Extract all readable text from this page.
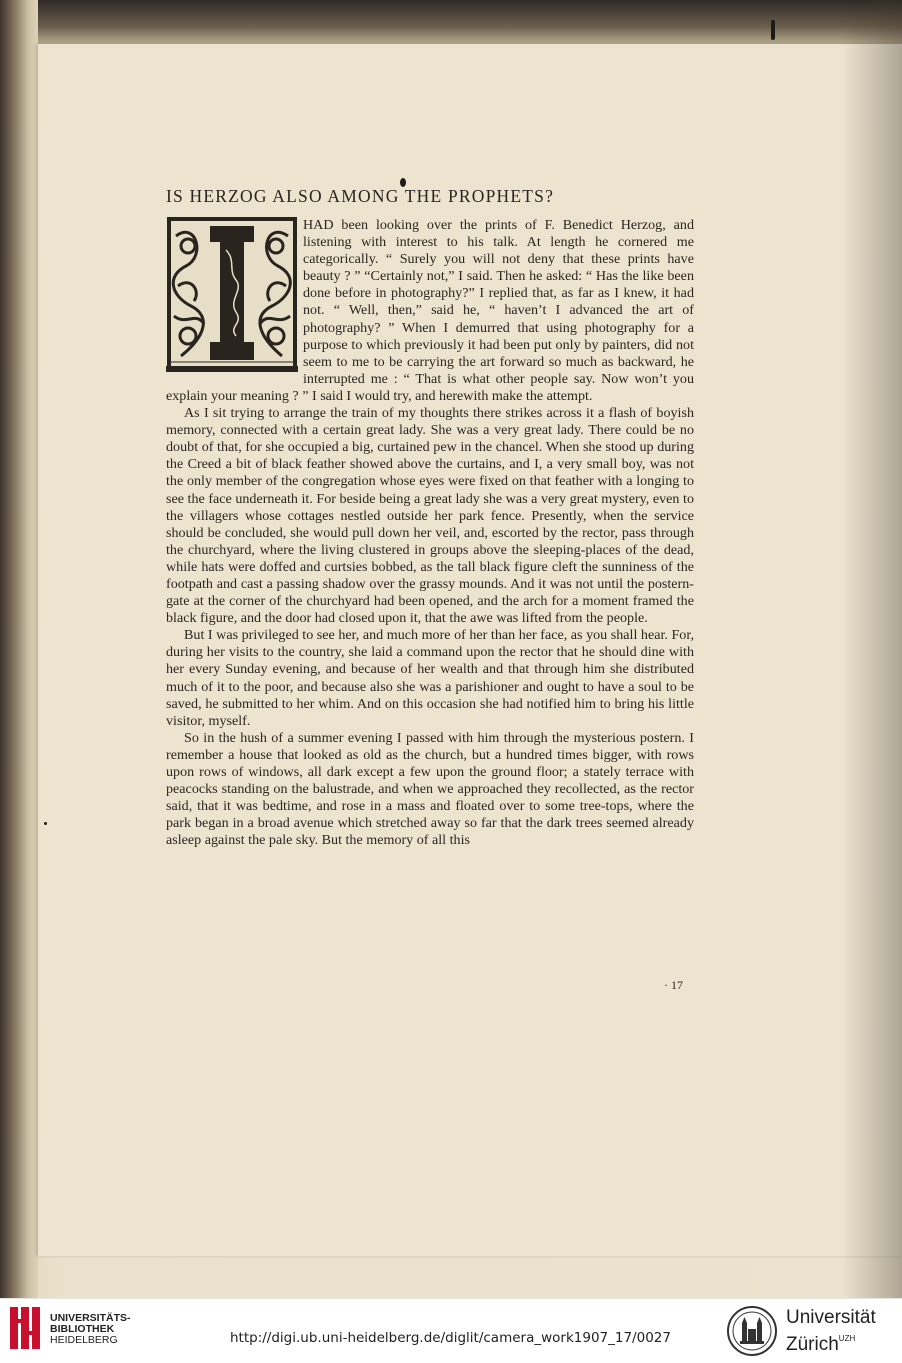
IS HERZOG ALSO AMONG THE PROPHETS?

HAD been looking over the prints of F. Benedict Herzog, and listening with interest to his talk. At length he cornered me categorically. “ Surely you will not deny that these prints have beauty ? ” “Certainly not,” I said. Then he asked: “ Has the like been done before in photography?” I replied that, as far as I knew, it had not. “ Well, then,” said he, “ haven’t I advanced the art of photography? ” When I demurred that using photography for a purpose to which previously it had been put only by painters, did not seem to me to be carrying the art forward so much as backward, he interrupted me : “ That is what other people say. Now won’t you explain your meaning ? ” I said I would try, and herewith make the attempt.

As I sit trying to arrange the train of my thoughts there strikes across it a flash of boyish memory, connected with a certain great lady. She was a very great lady. There could be no doubt of that, for she occupied a big, curtained pew in the chancel. When she stood up during the Creed a bit of black feather showed above the curtains, and I, a very small boy, was not the only member of the congregation whose eyes were fixed on that feather with a longing to see the face underneath it. For beside being a great lady she was a very great mystery, even to the villagers whose cottages nestled outside her park fence. Presently, when the service should be concluded, she would pull down her veil, and, escorted by the rector, pass through the churchyard, where the living clustered in groups above the sleeping-places of the dead, while hats were doffed and curtsies bobbed, as the tall black figure cleft the sunniness of the footpath and cast a passing shadow over the grassy mounds. And it was not until the postern-gate at the corner of the churchyard had been opened, and the arch for a moment framed the black figure, and the door had closed upon it, that the awe was lifted from the people.

But I was privileged to see her, and much more of her than her face, as you shall hear. For, during her visits to the country, she laid a command upon the rector that he should dine with her every Sunday evening, and because of her wealth and that through him she distributed much of it to the poor, and because also she was a parishioner and ought to have a soul to be saved, he submitted to her whim. And on this occasion she had notified him to bring his little visitor, myself.

So in the hush of a summer evening I passed with him through the mysterious postern. I remember a house that looked as old as the church, but a hundred times bigger, with rows upon rows of windows, all dark except a few upon the ground floor; a stately terrace with peacocks standing on the balustrade, and when we approached they recollected, as the rector said, that it was bedtime, and rose in a mass and floated over to some tree-tops, where the park began in a broad avenue which stretched away so far that the dark trees seemed already asleep against the pale sky. But the memory of all this

· 17
UNIVERSITÄTS-
BIBLIOTHEK
HEIDELBERG	http://digi.ub.uni-heidelberg.de/diglit/camera_work1907_17/0027
Universität
Zürich$^{UZH}$
